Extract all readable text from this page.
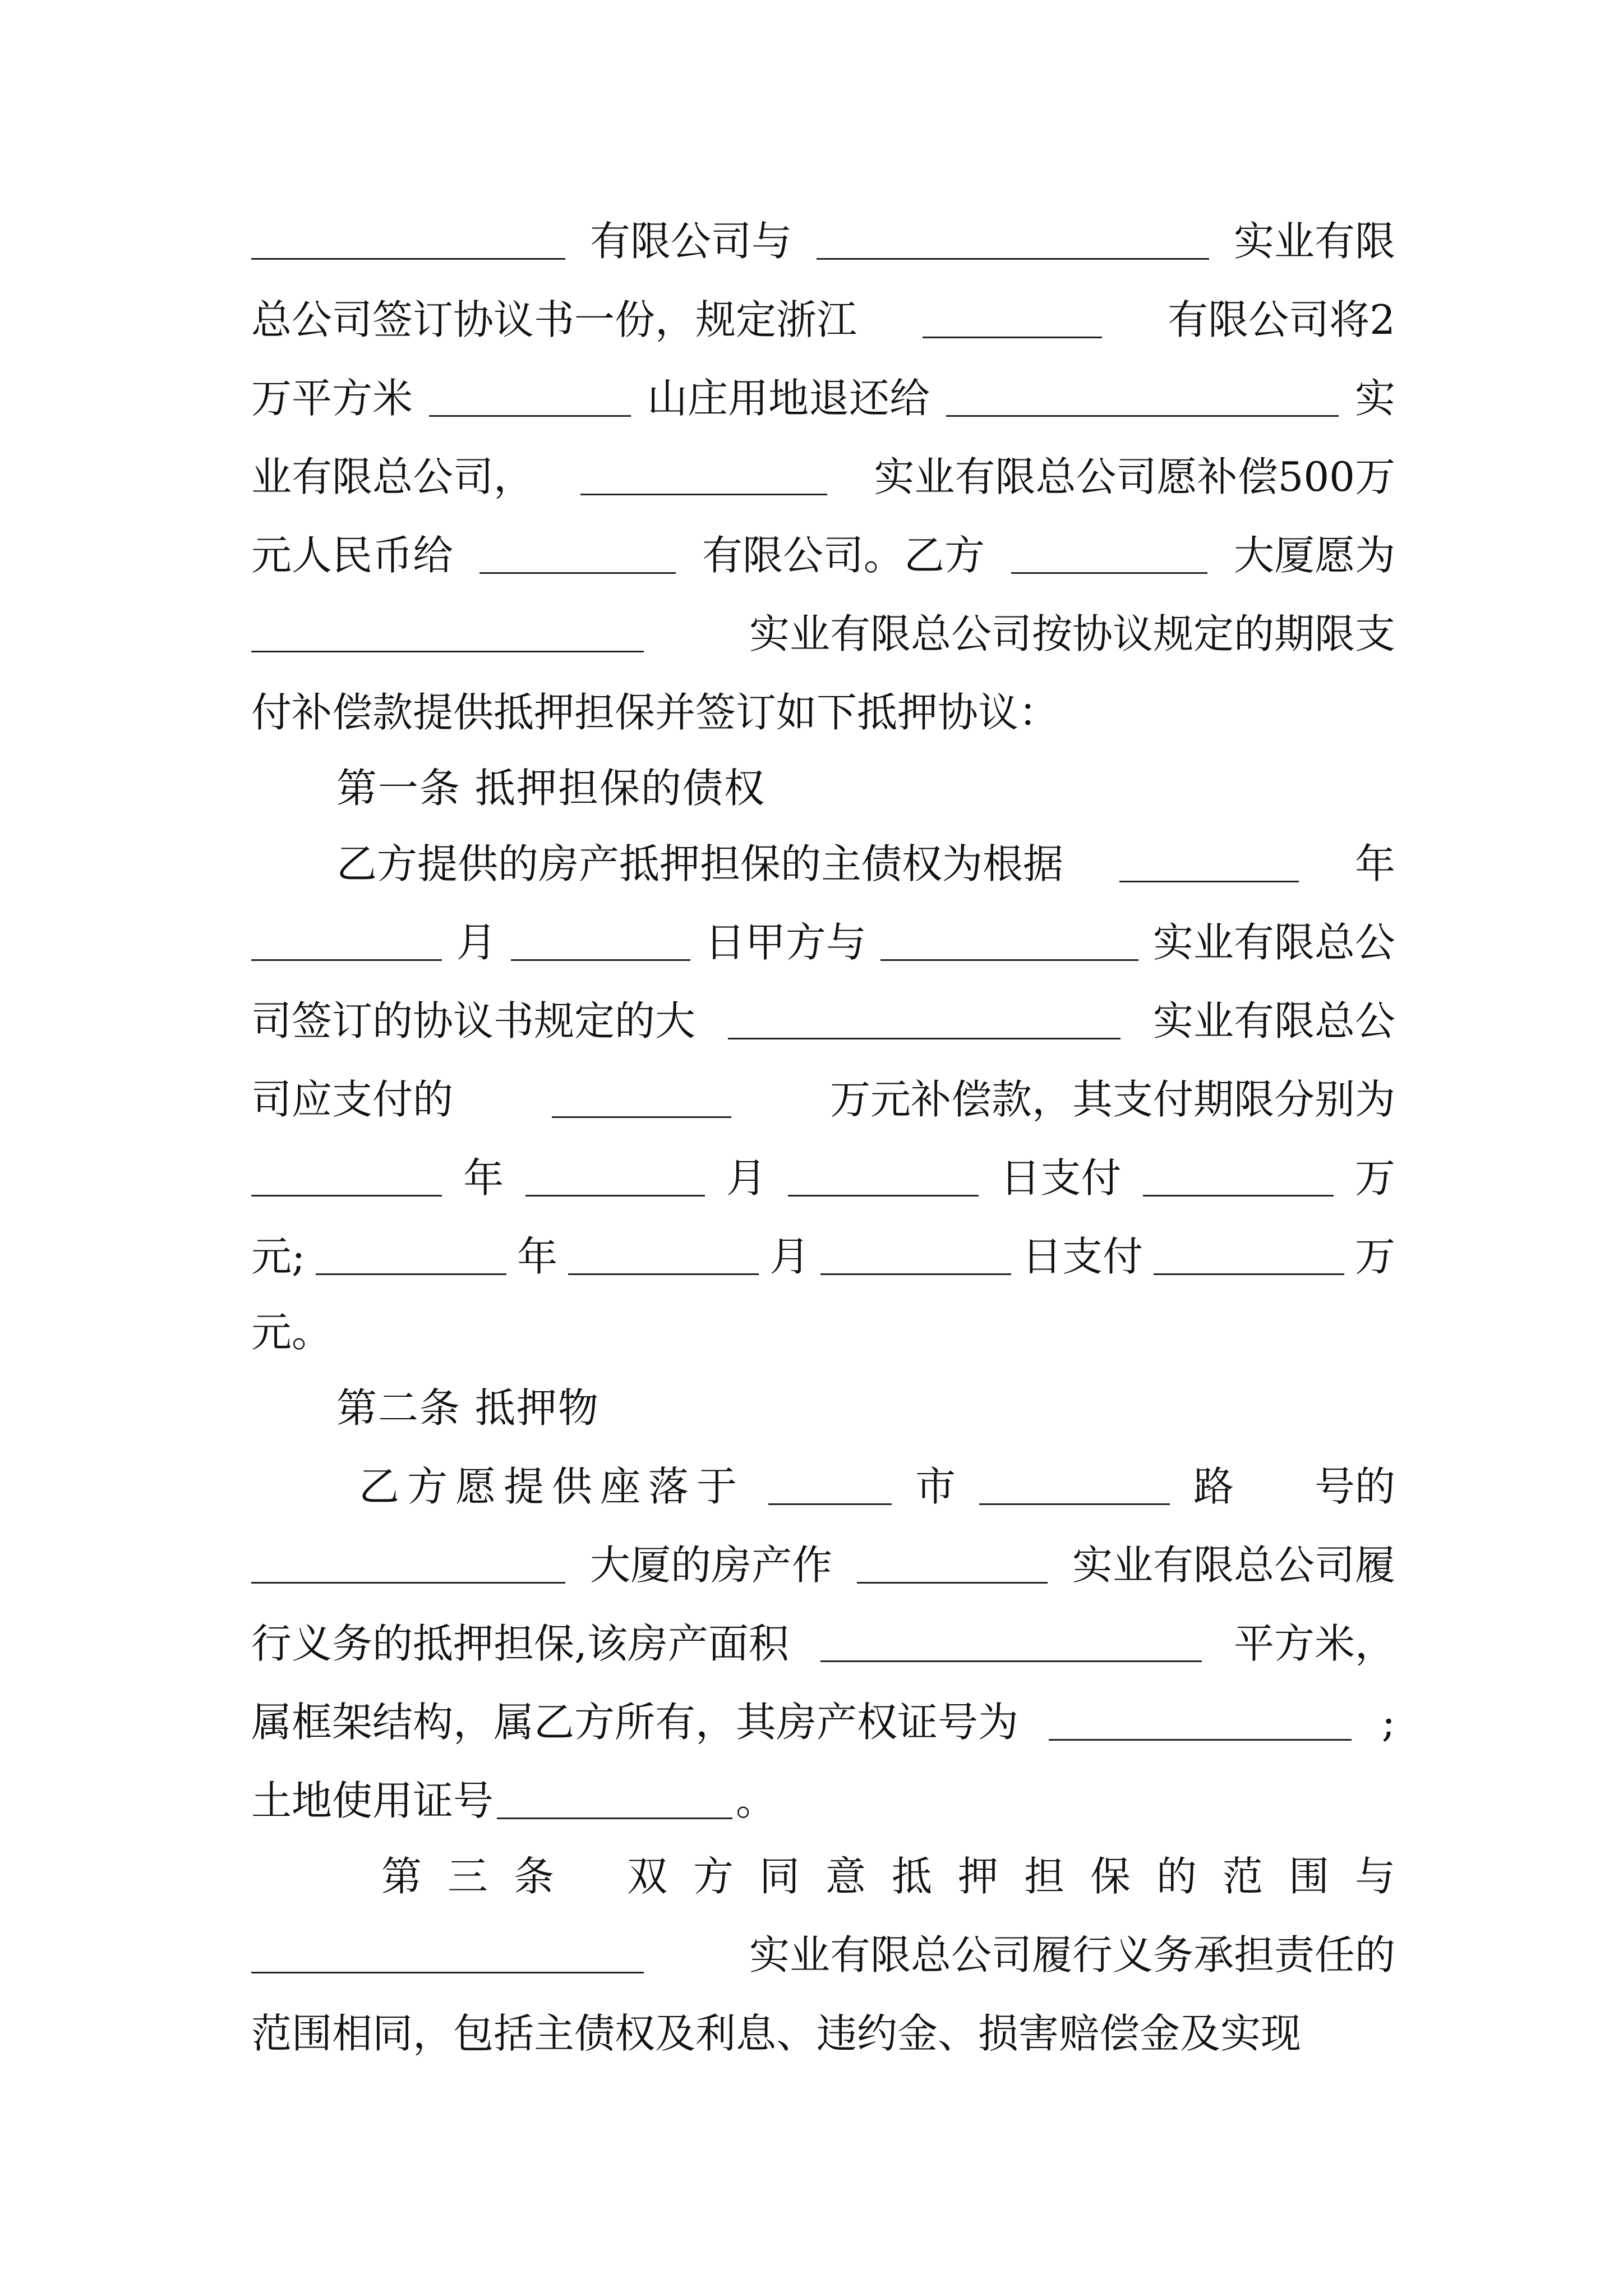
有限公司与	实业有限
总公司签订协议书一份，规定浙江	有限公司将2
万平方米	山庄用地退还给	实
业有限总公司，	实业有限总公司愿补偿500万
元人民币给	有限公司。乙方	大厦愿为
实业有限总公司按协议规定的期限支
付补偿款提供抵押担保并签订如下抵押协议：
第一条 抵押担保的债权
乙方提供的房产抵押担保的主债权为根据	年
月	日甲方与	实业有限总公
司签订的协议书规定的大	实业有限总公
司应支付的	万元补偿款，其支付期限分别为
年	月	日支付	万
元;	年	月	日支付	万
元。
第二条 抵押物
乙方愿提供座落于	市	路 号的
大厦的房产作	实业有限总公司履
行义务的抵押担保,该房产面积	平方米，
属框架结构，属乙方所有，其房产权证号为	;
土地使用证号	。
第三条 双方同意抵押担保的范围与
实业有限总公司履行义务承担责任的
范围相同，包括主债权及利息、违约金、损害赔偿金及实现
